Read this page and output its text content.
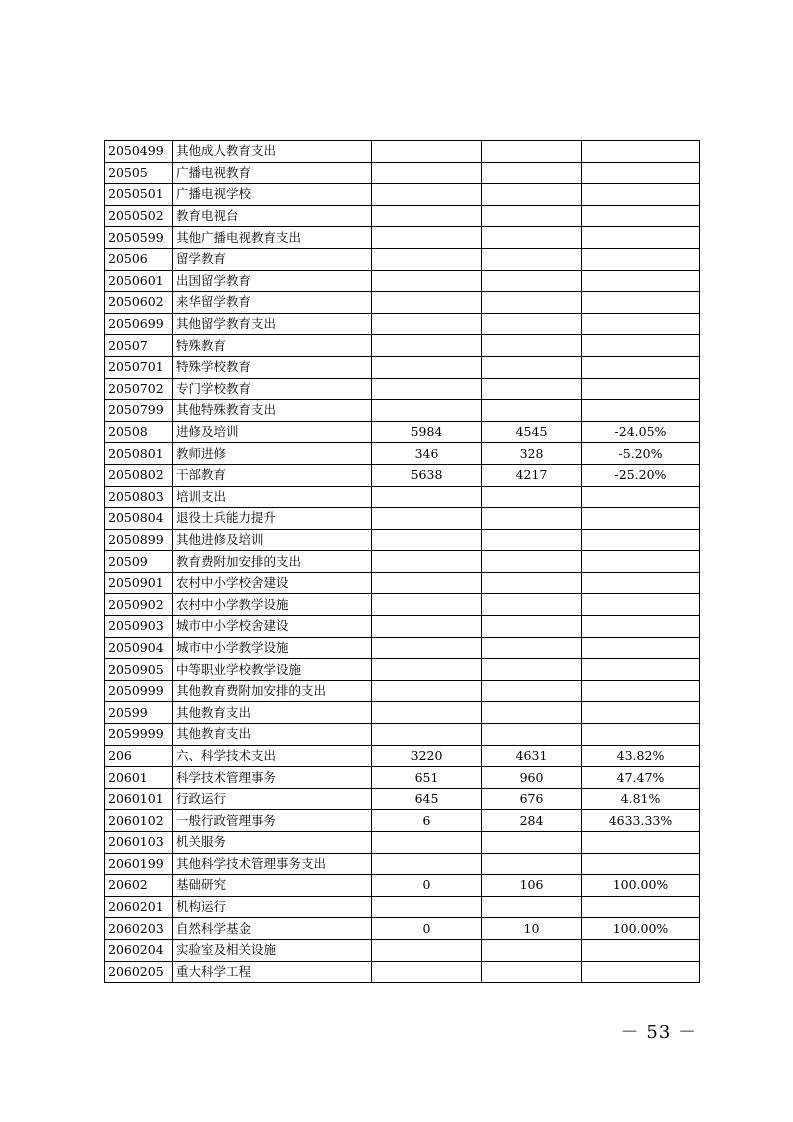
2050499	其他成人教育支出			
20505	广播电视教育			
2050501	广播电视学校			
2050502	教育电视台			
2050599	其他广播电视教育支出			
20506	留学教育			
2050601	出国留学教育			
2050602	来华留学教育			
2050699	其他留学教育支出			
20507	特殊教育			
2050701	特殊学校教育			
2050702	专门学校教育			
2050799	其他特殊教育支出			
20508	进修及培训	5984	4545	-24.05%
2050801	教师进修	346	328	-5.20%
2050802	干部教育	5638	4217	-25.20%
2050803	培训支出			
2050804	退役士兵能力提升			
2050899	其他进修及培训			
20509	教育费附加安排的支出			
2050901	农村中小学校舍建设			
2050902	农村中小学教学设施			
2050903	城市中小学校舍建设			
2050904	城市中小学教学设施			
2050905	中等职业学校教学设施			
2050999	其他教育费附加安排的支出			
20599	其他教育支出			
2059999	其他教育支出			
206	六、科学技术支出	3220	4631	43.82%
20601	科学技术管理事务	651	960	47.47%
2060101	行政运行	645	676	4.81%
2060102	一般行政管理事务	6	284	4633.33%
2060103	机关服务			
2060199	其他科学技术管理事务支出			
20602	基础研究	0	106	100.00%
2060201	机构运行			
2060203	自然科学基金	0	10	100.00%
2060204	实验室及相关设施			
2060205	重大科学工程			
－ 53 －
